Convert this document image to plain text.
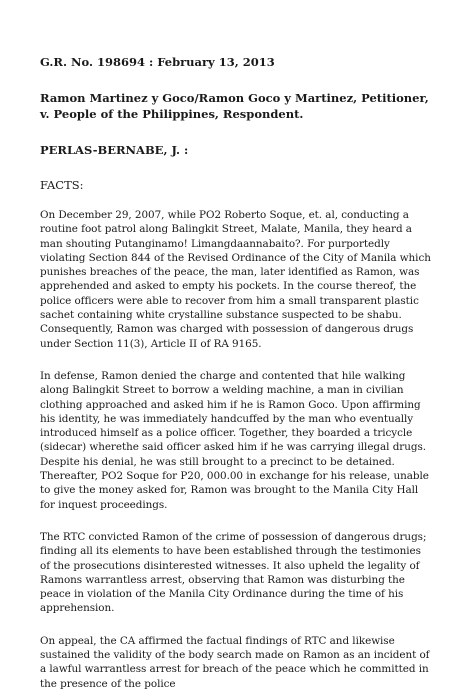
G.R. No. 198694 : February 13, 2013

Ramon Martinez y Goco/Ramon Goco y Martinez, Petitioner, v. People of the Philippines, Respondent.

PERLAS-BERNABE, J. :

FACTS:

On December 29, 2007, while PO2 Roberto Soque, et. al, conducting a routine foot patrol along Balingkit Street, Malate, Manila, they heard a man shouting Putanginamo! Limangdaannabaito?. For purportedly violating Section 844 of the Revised Ordinance of the City of Manila which punishes breaches of the peace, the man, later identified as Ramon, was apprehended and asked to empty his pockets. In the course thereof, the police officers were able to recover from him a small transparent plastic sachet containing white crystalline substance suspected to be shabu. Consequently, Ramon was charged with possession of dangerous drugs under Section 11(3), Article II of RA 9165.

In defense, Ramon denied the charge and contented that hile walking along Balingkit Street to borrow a welding machine, a man in civilian clothing approached and asked him if he is Ramon Goco. Upon affirming his identity, he was immediately handcuffed by the man who eventually introduced himself as a police officer. Together, they boarded a tricycle (sidecar) wherethe said officer asked him if he was carrying illegal drugs. Despite his denial, he was still brought to a precinct to be detained. Thereafter, PO2 Soque for P20, 000.00 in exchange for his release, unable to give the money asked for, Ramon was brought to the Manila City Hall for inquest proceedings.

The RTC convicted Ramon of the crime of possession of dangerous drugs; finding all its elements to have been established through the testimonies of the prosecutions disinterested witnesses. It also upheld the legality of Ramons warrantless arrest, observing that Ramon was disturbing the peace in violation of the Manila City Ordinance during the time of his apprehension.

On appeal, the CA affirmed the factual findings of RTC and likewise sustained the validity of the body search made on Ramon as an incident of a lawful warrantless arrest for breach of the peace which he committed in the presence of the police
